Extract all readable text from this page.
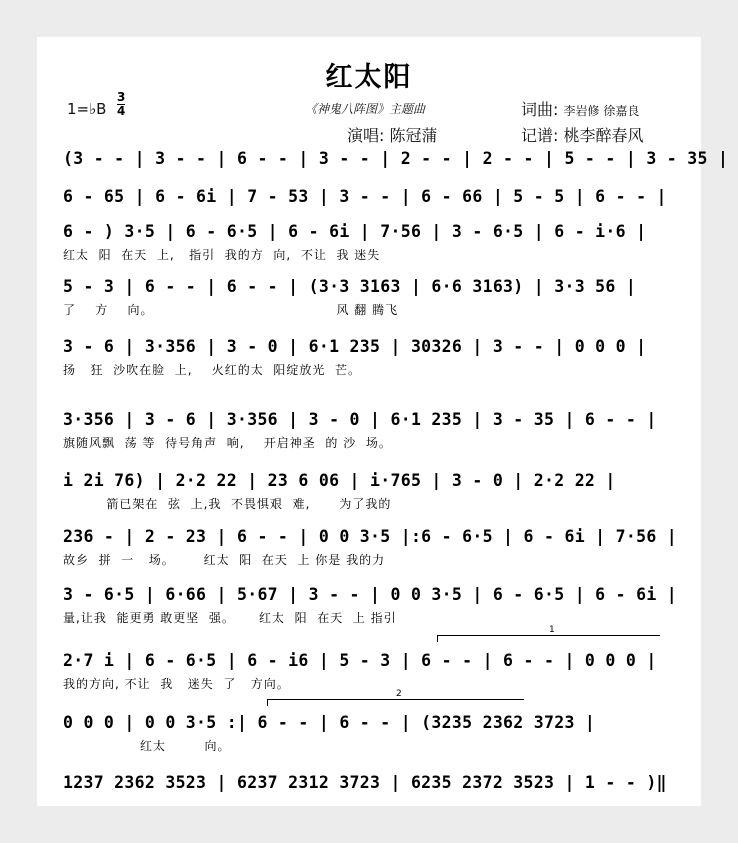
红太阳
1=♭B $\frac{3}{4}$	《神鬼八阵图》主题曲
演唱: 陈冠蒲
词曲: 李岩修 徐嘉良
记谱: 桃李醉春风
(3 - - | 3 - - | 6 - - | 3 - - | 2 - - | 2 - - | 5 - - | 3 - 35 |
6 - 65 | 6 - 6i | 7 - 53 | 3 - - | 6 - 66 | 5 - 5 | 6 - - |
6 - ) 3·5 | 6 - 6·5 | 6 - 6i | 7·56 | 3 - 6·5 | 6 - i·6 |
红太  阳  在天  上,   指引  我的方  向,  不让  我 迷失
5 - 3 | 6 - - | 6 - - | (3·3 3163 | 6·6 3163) | 3·3 56 |
了    方    向。                                      风 翻 腾飞
3 - 6 | 3·356 | 3 - 0 | 6·1 235 | 30326 | 3 - - | 0 0 0 |
扬   狂  沙吹在脸  上,    火红的太  阳绽放光  芒。
3·356 | 3 - 6 | 3·356 | 3 - 0 | 6·1 235 | 3 - 35 | 6 - - |
旗随风飘  荡 等  待号角声  响,    开启神圣  的 沙  场。
i 2i 76) | 2·2 22 | 23 6 06 | i·765 | 3 - 0 | 2·2 22 |
箭已架在  弦  上,我  不畏惧艰  难,      为了我的
236 - | 2 - 23 | 6 - - | 0 0 3·5 |:6 - 6·5 | 6 - 6i | 7·56 |
故乡  拼  一   场。      红太  阳  在天  上 你是 我的力
3 - 6·5 | 6·66 | 5·67 | 3 - - | 0 0 3·5 | 6 - 6·5 | 6 - 6i |
量,让我  能更勇 敢更坚  强。     红太  阳  在天  上 指引
1
2·7 i | 6 - 6·5 | 6 - i6 | 5 - 3 | 6 - - | 6 - - | 0 0 0 |
我的方向, 不让  我   迷失  了   方向。
2
0 0 0 | 0 0 3·5 :| 6 - - | 6 - - | (3235 2362 3723 |
红太        向。
1237 2362 3523 | 6237 2312 3723 | 6235 2372 3523 | 1 - - )‖
